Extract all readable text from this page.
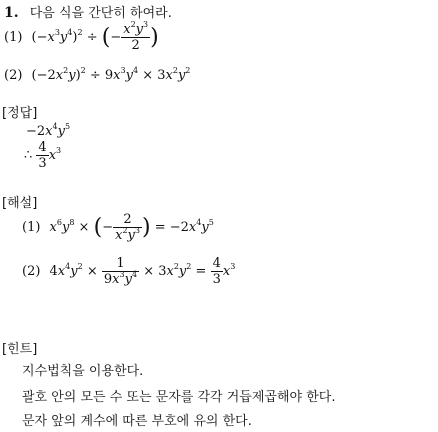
1. 다음 식을 간단히 하여라.
(1) $(-x^3y^4)^2$ ÷ (− $\frac{x^2y^3}{2}$ )
(2) $(-2x^2y)^2 \div 9x^3y^4 \times 3x^2y^2$
[정답]
$-2x^4y^5$
∴ $\frac{4}{3} x^3$
[해설]
(1) $x^6y^8$ × (− $\frac{2}{x^2y^3}$ ) = $-2x^4y^5$
(2) $4x^4y^2 \times \frac{1}{9x^3y^4} \times 3x^2y^2 = \frac{4}{3} x^3$
[힌트]
지수법칙을 이용한다.
괄호 안의 모든 수 또는 문자를 각각 거듭제곱해야 한다.
문자 앞의 계수에 따른 부호에 유의 한다.
